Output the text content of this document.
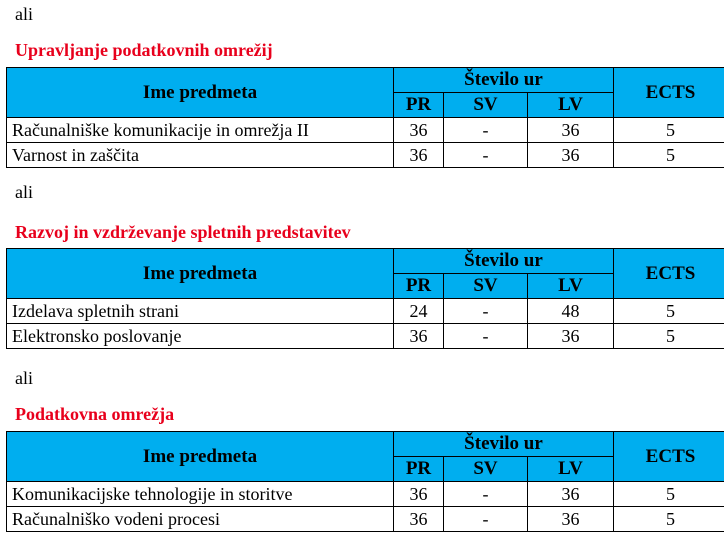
ali
Upravljanje podatkovnih omrežij
Ime predmeta	Število ur			ECTS
	PR	SV	LV	
Računalniške komunikacije in omrežja II	36	-	36	5
Varnost in zaščita	36	-	36	5
ali
Razvoj in vzdrževanje spletnih predstavitev
Ime predmeta	Število ur			ECTS
	PR	SV	LV	
Izdelava spletnih strani	24	-	48	5
Elektronsko poslovanje	36	-	36	5
ali
Podatkovna omrežja
Ime predmeta	Število ur			ECTS
	PR	SV	LV	
Komunikacijske tehnologije in storitve	36	-	36	5
Računalniško vodeni procesi	36	-	36	5
